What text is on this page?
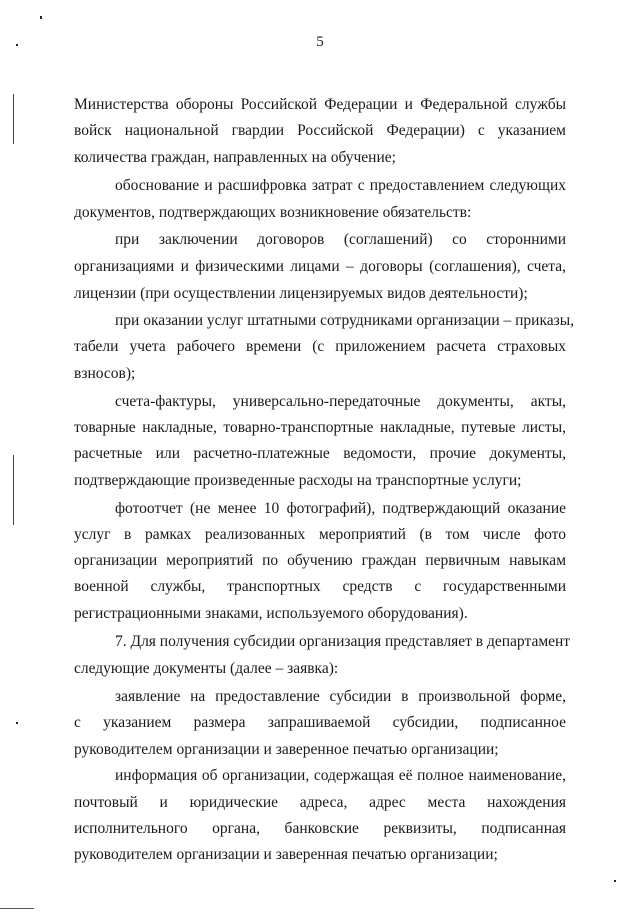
5
Министерства обороны Российской Федерации и Федеральной службы
войск национальной гвардии Российской Федерации) с указанием
количества граждан, направленных на обучение;
обоснование и расшифровка затрат с предоставлением следующих
документов, подтверждающих возникновение обязательств:
при заключении договоров (соглашений) со сторонними
организациями и физическими лицами – договоры (соглашения), счета,
лицензии (при осуществлении лицензируемых видов деятельности);
при оказании услуг штатными сотрудниками организации – приказы,
табели учета рабочего времени (с приложением расчета страховых
взносов);
счета-фактуры, универсально-передаточные документы, акты,
товарные накладные, товарно-транспортные накладные, путевые листы,
расчетные или расчетно-платежные ведомости, прочие документы,
подтверждающие произведенные расходы на транспортные услуги;
фотоотчет (не менее 10 фотографий), подтверждающий оказание
услуг в рамках реализованных мероприятий (в том числе фото
организации мероприятий по обучению граждан первичным навыкам
военной службы, транспортных средств с государственными
регистрационными знаками, используемого оборудования).
7. Для получения субсидии организация представляет в департамент
следующие документы (далее – заявка):
заявление на предоставление субсидии в произвольной форме,
с указанием размера запрашиваемой субсидии, подписанное
руководителем организации и заверенное печатью организации;
информация об организации, содержащая её полное наименование,
почтовый и юридические адреса, адрес места нахождения
исполнительного органа, банковские реквизиты, подписанная
руководителем организации и заверенная печатью организации;
